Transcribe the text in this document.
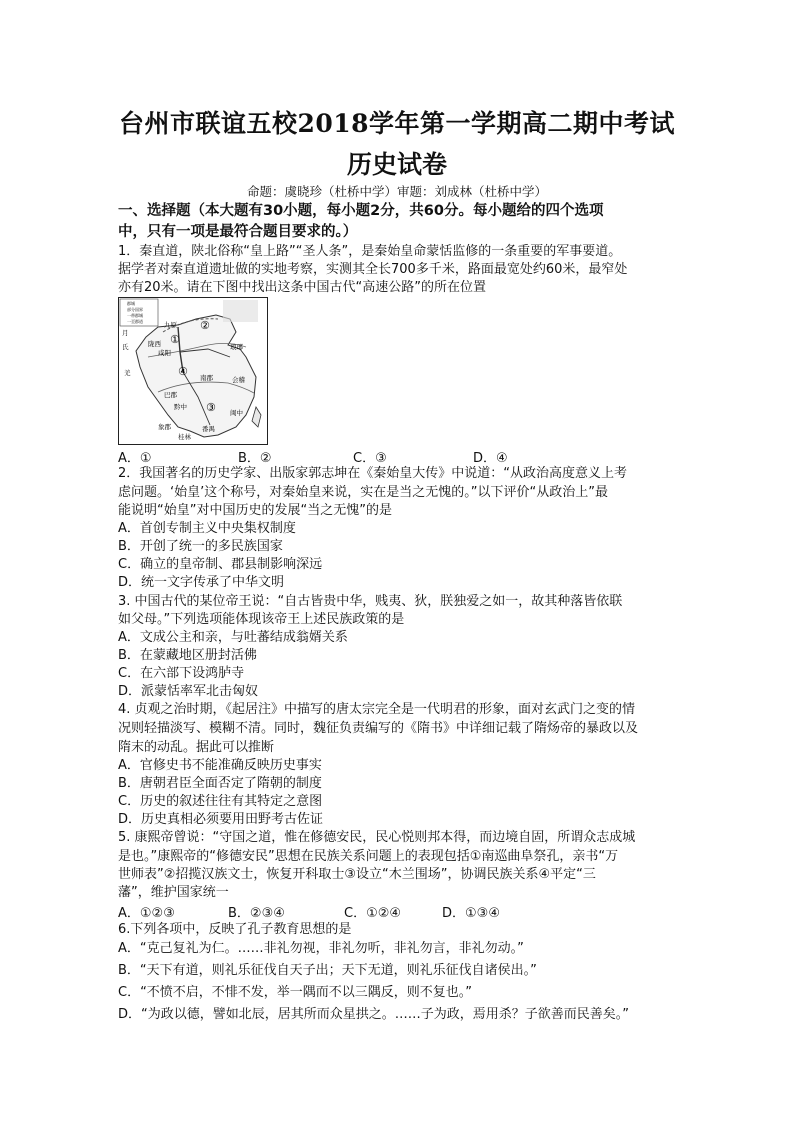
台州市联谊五校2018学年第一学期高二期中考试
历史试卷
命题：虞晓珍（杜桥中学）审题：刘成林（杜桥中学）
一、选择题（本大题有30小题，每小题2分，共60分。每小题给的四个选项
中，只有一项是最符合题目要求的。）
1．秦直道，陕北俗称“皇上路”“圣人条”，是秦始皇命蒙恬监修的一条重要的军事要道。
据学者对秦直道遗址做的实地考察，实测其全长700多千米，路面最宽处约60米，最窄处
亦有20米。请在下图中找出这条中国古代“高速公路”的所在位置
郡城
部分国界
一带郡城
一至郡道	九原
月
氏	陇西
咸阳
琅琊
南郡	会稽
羌
巴郡
黔中
闽中
番禺
桂林
象郡
①
②
③
④
A．①	B．②	C．③	D．④
2．我国著名的历史学家、出版家郭志坤在《秦始皇大传》中说道：“从政治高度意义上考
虑问题。‘始皇’这个称号，对秦始皇来说，实在是当之无愧的。”以下评价“从政治上”最
能说明“始皇”对中国历史的发展“当之无愧”的是
A．首创专制主义中央集权制度
B．开创了统一的多民族国家
C．确立的皇帝制、郡县制影响深远
D．统一文字传承了中华文明
3. 中国古代的某位帝王说：“自古皆贵中华，贱夷、狄，朕独爱之如一，故其种落皆依联
如父母。”下列选项能体现该帝王上述民族政策的是
A．文成公主和亲，与吐蕃结成翁婿关系
B．在蒙藏地区册封活佛
C．在六部下设鸿胪寺
D．派蒙恬率军北击匈奴
4. 贞观之治时期，《起居注》中描写的唐太宗完全是一代明君的形象，面对玄武门之变的情
况则轻描淡写、模糊不清。同时，魏征负责编写的《隋书》中详细记载了隋炀帝的暴政以及
隋末的动乱。据此可以推断
A．官修史书不能准确反映历史事实
B．唐朝君臣全面否定了隋朝的制度
C．历史的叙述往往有其特定之意图
D．历史真相必须要用田野考古佐证
5. 康熙帝曾说：“守国之道，惟在修德安民，民心悦则邦本得，而边境自固，所谓众志成城
是也。”康熙帝的“修德安民”思想在民族关系问题上的表现包括①南巡曲阜祭孔，亲书“万
世师表”②招揽汉族文士，恢复开科取士③设立“木兰围场”，协调民族关系④平定“三
藩”，维护国家统一
A．①②③	B．②③④	C．①②④	D．①③④
6.下列各项中，反映了孔子教育思想的是
A．“克己复礼为仁。……非礼勿视，非礼勿听，非礼勿言，非礼勿动。”
B．“天下有道，则礼乐征伐自天子出；天下无道，则礼乐征伐自诸侯出。”
C．“不愤不启，不悱不发，举一隅而不以三隅反，则不复也。”
D．“为政以德，譬如北辰，居其所而众星拱之。……子为政，焉用杀？子欲善而民善矣。”
